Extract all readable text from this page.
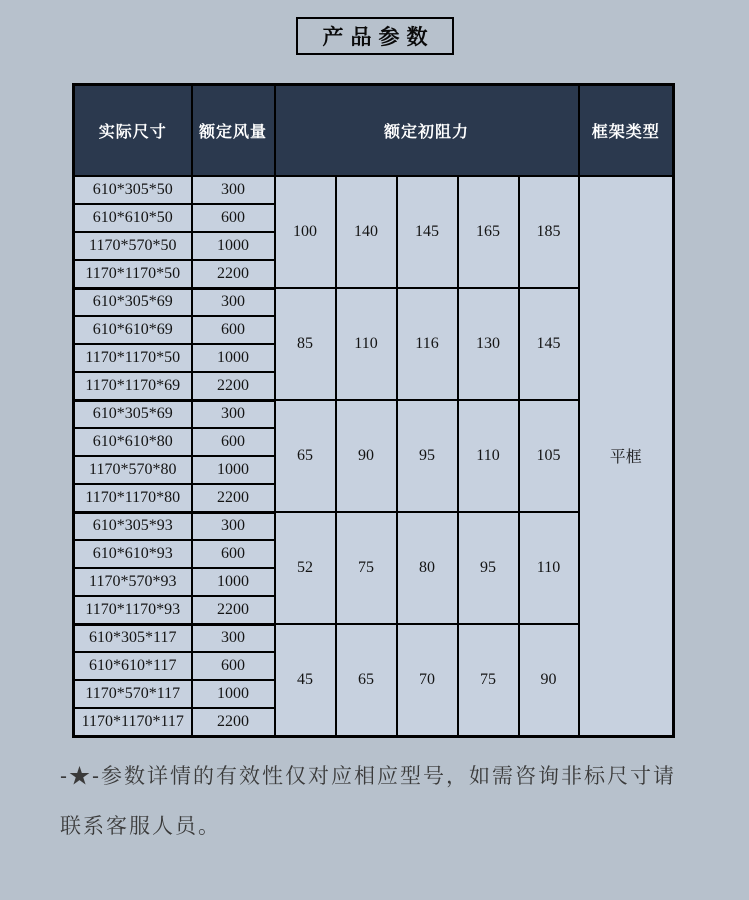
产品参数
实际尺寸	额定风量	额定初阻力					框架类型
610*305*50	300	100	140	145	165	185	平框
610*610*50	600						
1170*570*50	1000						
1170*1170*50	2200						
610*305*69	300	85	110	116	130	145	
610*610*69	600						
1170*1170*50	1000						
1170*1170*69	2200						
610*305*69	300	65	90	95	110	105	
610*610*80	600						
1170*570*80	1000						
1170*1170*80	2200						
610*305*93	300	52	75	80	95	110	
610*610*93	600						
1170*570*93	1000						
1170*1170*93	2200						
610*305*117	300	45	65	70	75	90	
610*610*117	600						
1170*570*117	1000						
1170*1170*117	2200						
-★-参数详情的有效性仅对应相应型号，如需咨询非标尺寸请联系客服人员。
